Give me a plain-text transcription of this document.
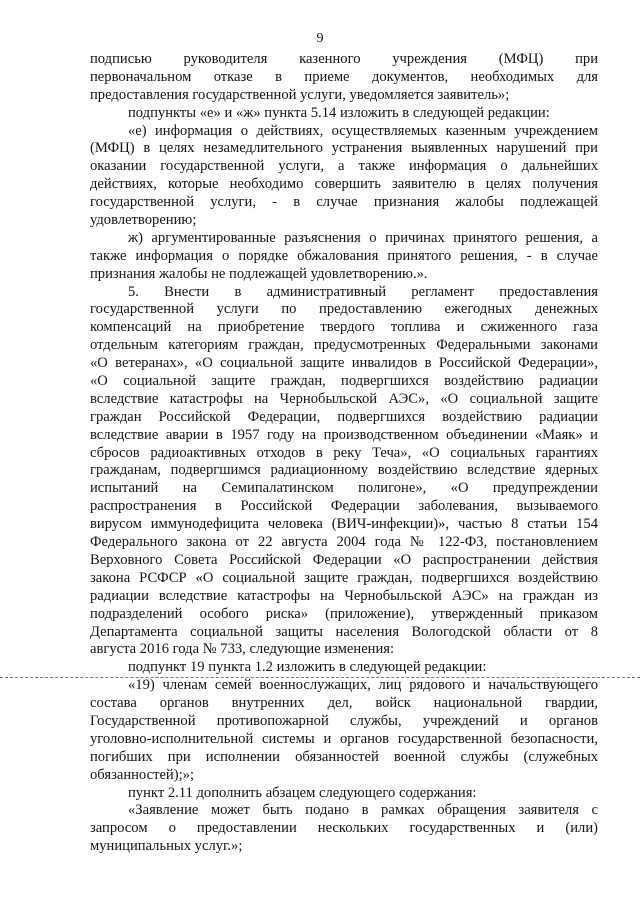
9
подписью руководителя казенного учреждения (МФЦ) при
первоначальном отказе в приеме документов, необходимых для
предоставления государственной услуги, уведомляется заявитель»;
подпункты «е» и «ж» пункта 5.14 изложить в следующей редакции:
«е) информация о действиях, осуществляемых казенным учреждением
(МФЦ) в целях незамедлительного устранения выявленных нарушений при
оказании государственной услуги, а также информация о дальнейших
действиях, которые необходимо совершить заявителю в целях получения
государственной услуги, - в случае признания жалобы подлежащей
удовлетворению;
ж) аргументированные разъяснения о причинах принятого решения, а
также информация о порядке обжалования принятого решения, - в случае
признания жалобы не подлежащей удовлетворению.».
5. Внести в административный регламент предоставления
государственной услуги по предоставлению ежегодных денежных
компенсаций на приобретение твердого топлива и сжиженного газа
отдельным категориям граждан, предусмотренных Федеральными законами
«О ветеранах», «О социальной защите инвалидов в Российской Федерации»,
«О социальной защите граждан, подвергшихся воздействию радиации
вследствие катастрофы на Чернобыльской АЭС», «О социальной защите
граждан Российской Федерации, подвергшихся воздействию радиации
вследствие аварии в 1957 году на производственном объединении «Маяк» и
сбросов радиоактивных отходов в реку Теча», «О социальных гарантиях
гражданам, подвергшимся радиационному воздействию вследствие ядерных
испытаний на Семипалатинском полигоне», «О предупреждении
распространения в Российской Федерации заболевания, вызываемого
вирусом иммунодефицита человека (ВИЧ-инфекции)», частью 8 статьи 154
Федерального закона от 22 августа 2004 года № 122-ФЗ, постановлением
Верховного Совета Российской Федерации «О распространении действия
закона РСФСР «О социальной защите граждан, подвергшихся воздействию
радиации вследствие катастрофы на Чернобыльской АЭС» на граждан из
подразделений особого риска» (приложение), утвержденный приказом
Департамента социальной защиты населения Вологодской области от 8
августа 2016 года № 733, следующие изменения:
подпункт 19 пункта 1.2 изложить в следующей редакции:
«19) членам семей военнослужащих, лиц рядового и начальствующего
состава органов внутренних дел, войск национальной гвардии,
Государственной противопожарной службы, учреждений и органов
уголовно-исполнительной системы и органов государственной безопасности,
погибших при исполнении обязанностей военной службы (служебных
обязанностей);»;
пункт 2.11 дополнить абзацем следующего содержания:
«Заявление может быть подано в рамках обращения заявителя с
запросом о предоставлении нескольких государственных и (или)
муниципальных услуг.»;
